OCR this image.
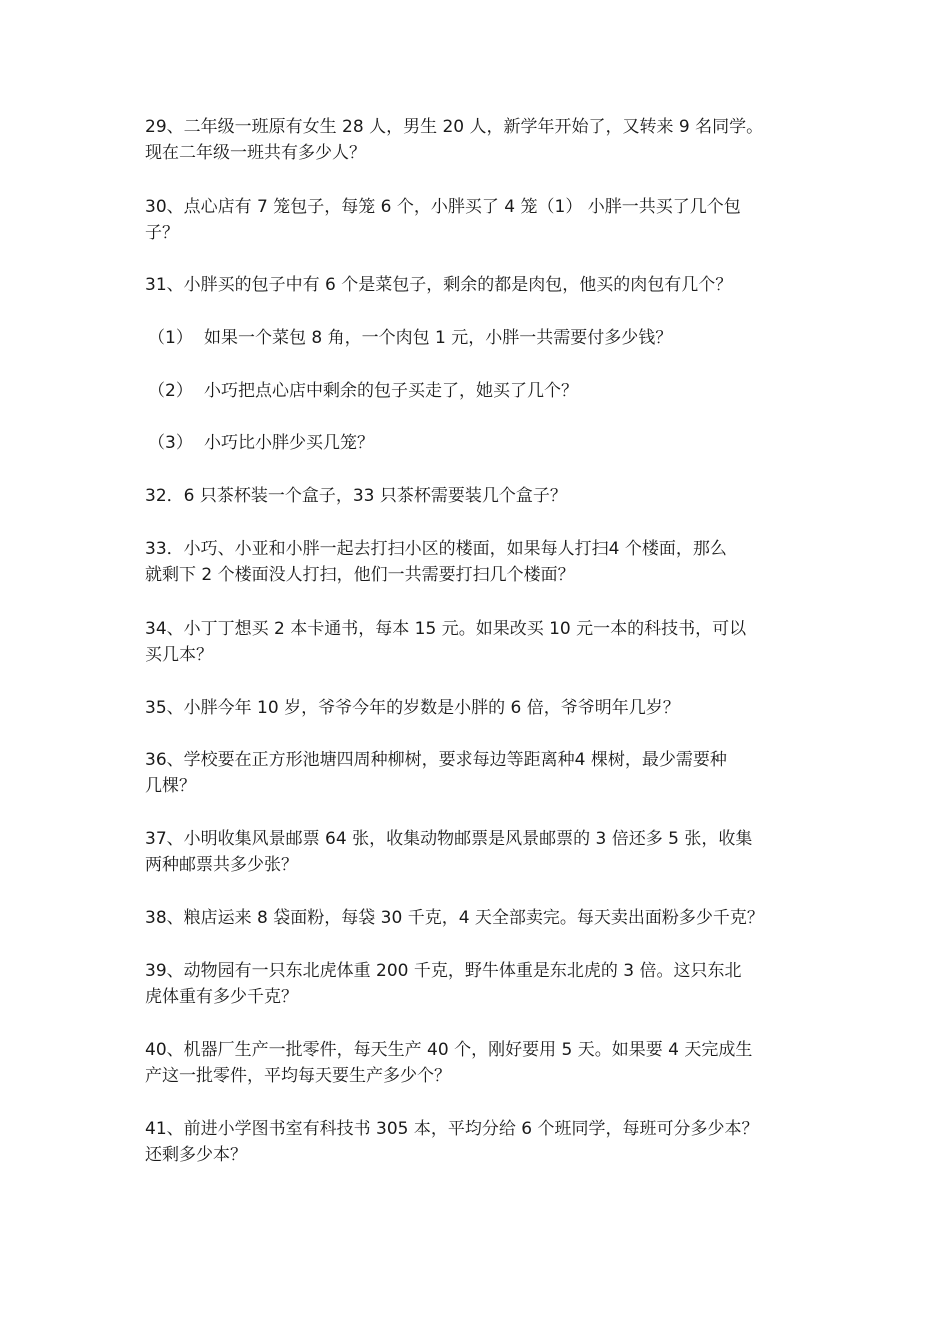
29、二年级一班原有女生 28 人，男生 20 人，新学年开始了，又转来 9 名同学。
现在二年级一班共有多少人？
30、点心店有 7 笼包子，每笼 6 个，小胖买了 4 笼（1） 小胖一共买了几个包
子？
31、小胖买的包子中有 6 个是菜包子，剩余的都是肉包，他买的肉包有几个？
（1） 如果一个菜包 8 角，一个肉包 1 元，小胖一共需要付多少钱？
（2） 小巧把点心店中剩余的包子买走了，她买了几个？
（3） 小巧比小胖少买几笼？
32．6 只茶杯装一个盒子，33 只茶杯需要装几个盒子？
33．小巧、小亚和小胖一起去打扫小区的楼面，如果每人打扫4 个楼面，那么
就剩下 2 个楼面没人打扫，他们一共需要打扫几个楼面？
34、小丁丁想买 2 本卡通书，每本 15 元。如果改买 10 元一本的科技书，可以
买几本？
35、小胖今年 10 岁，爷爷今年的岁数是小胖的 6 倍，爷爷明年几岁？
36、学校要在正方形池塘四周种柳树，要求每边等距离种4 棵树，最少需要种
几棵？
37、小明收集风景邮票 64 张，收集动物邮票是风景邮票的 3 倍还多 5 张，收集
两种邮票共多少张？
38、粮店运来 8 袋面粉，每袋 30 千克，4 天全部卖完。每天卖出面粉多少千克？
39、动物园有一只东北虎体重 200 千克，野牛体重是东北虎的 3 倍。这只东北
虎体重有多少千克？
40、机器厂生产一批零件，每天生产 40 个，刚好要用 5 天。如果要 4 天完成生
产这一批零件，平均每天要生产多少个？
41、前进小学图书室有科技书 305 本，平均分给 6 个班同学，每班可分多少本？
还剩多少本？
